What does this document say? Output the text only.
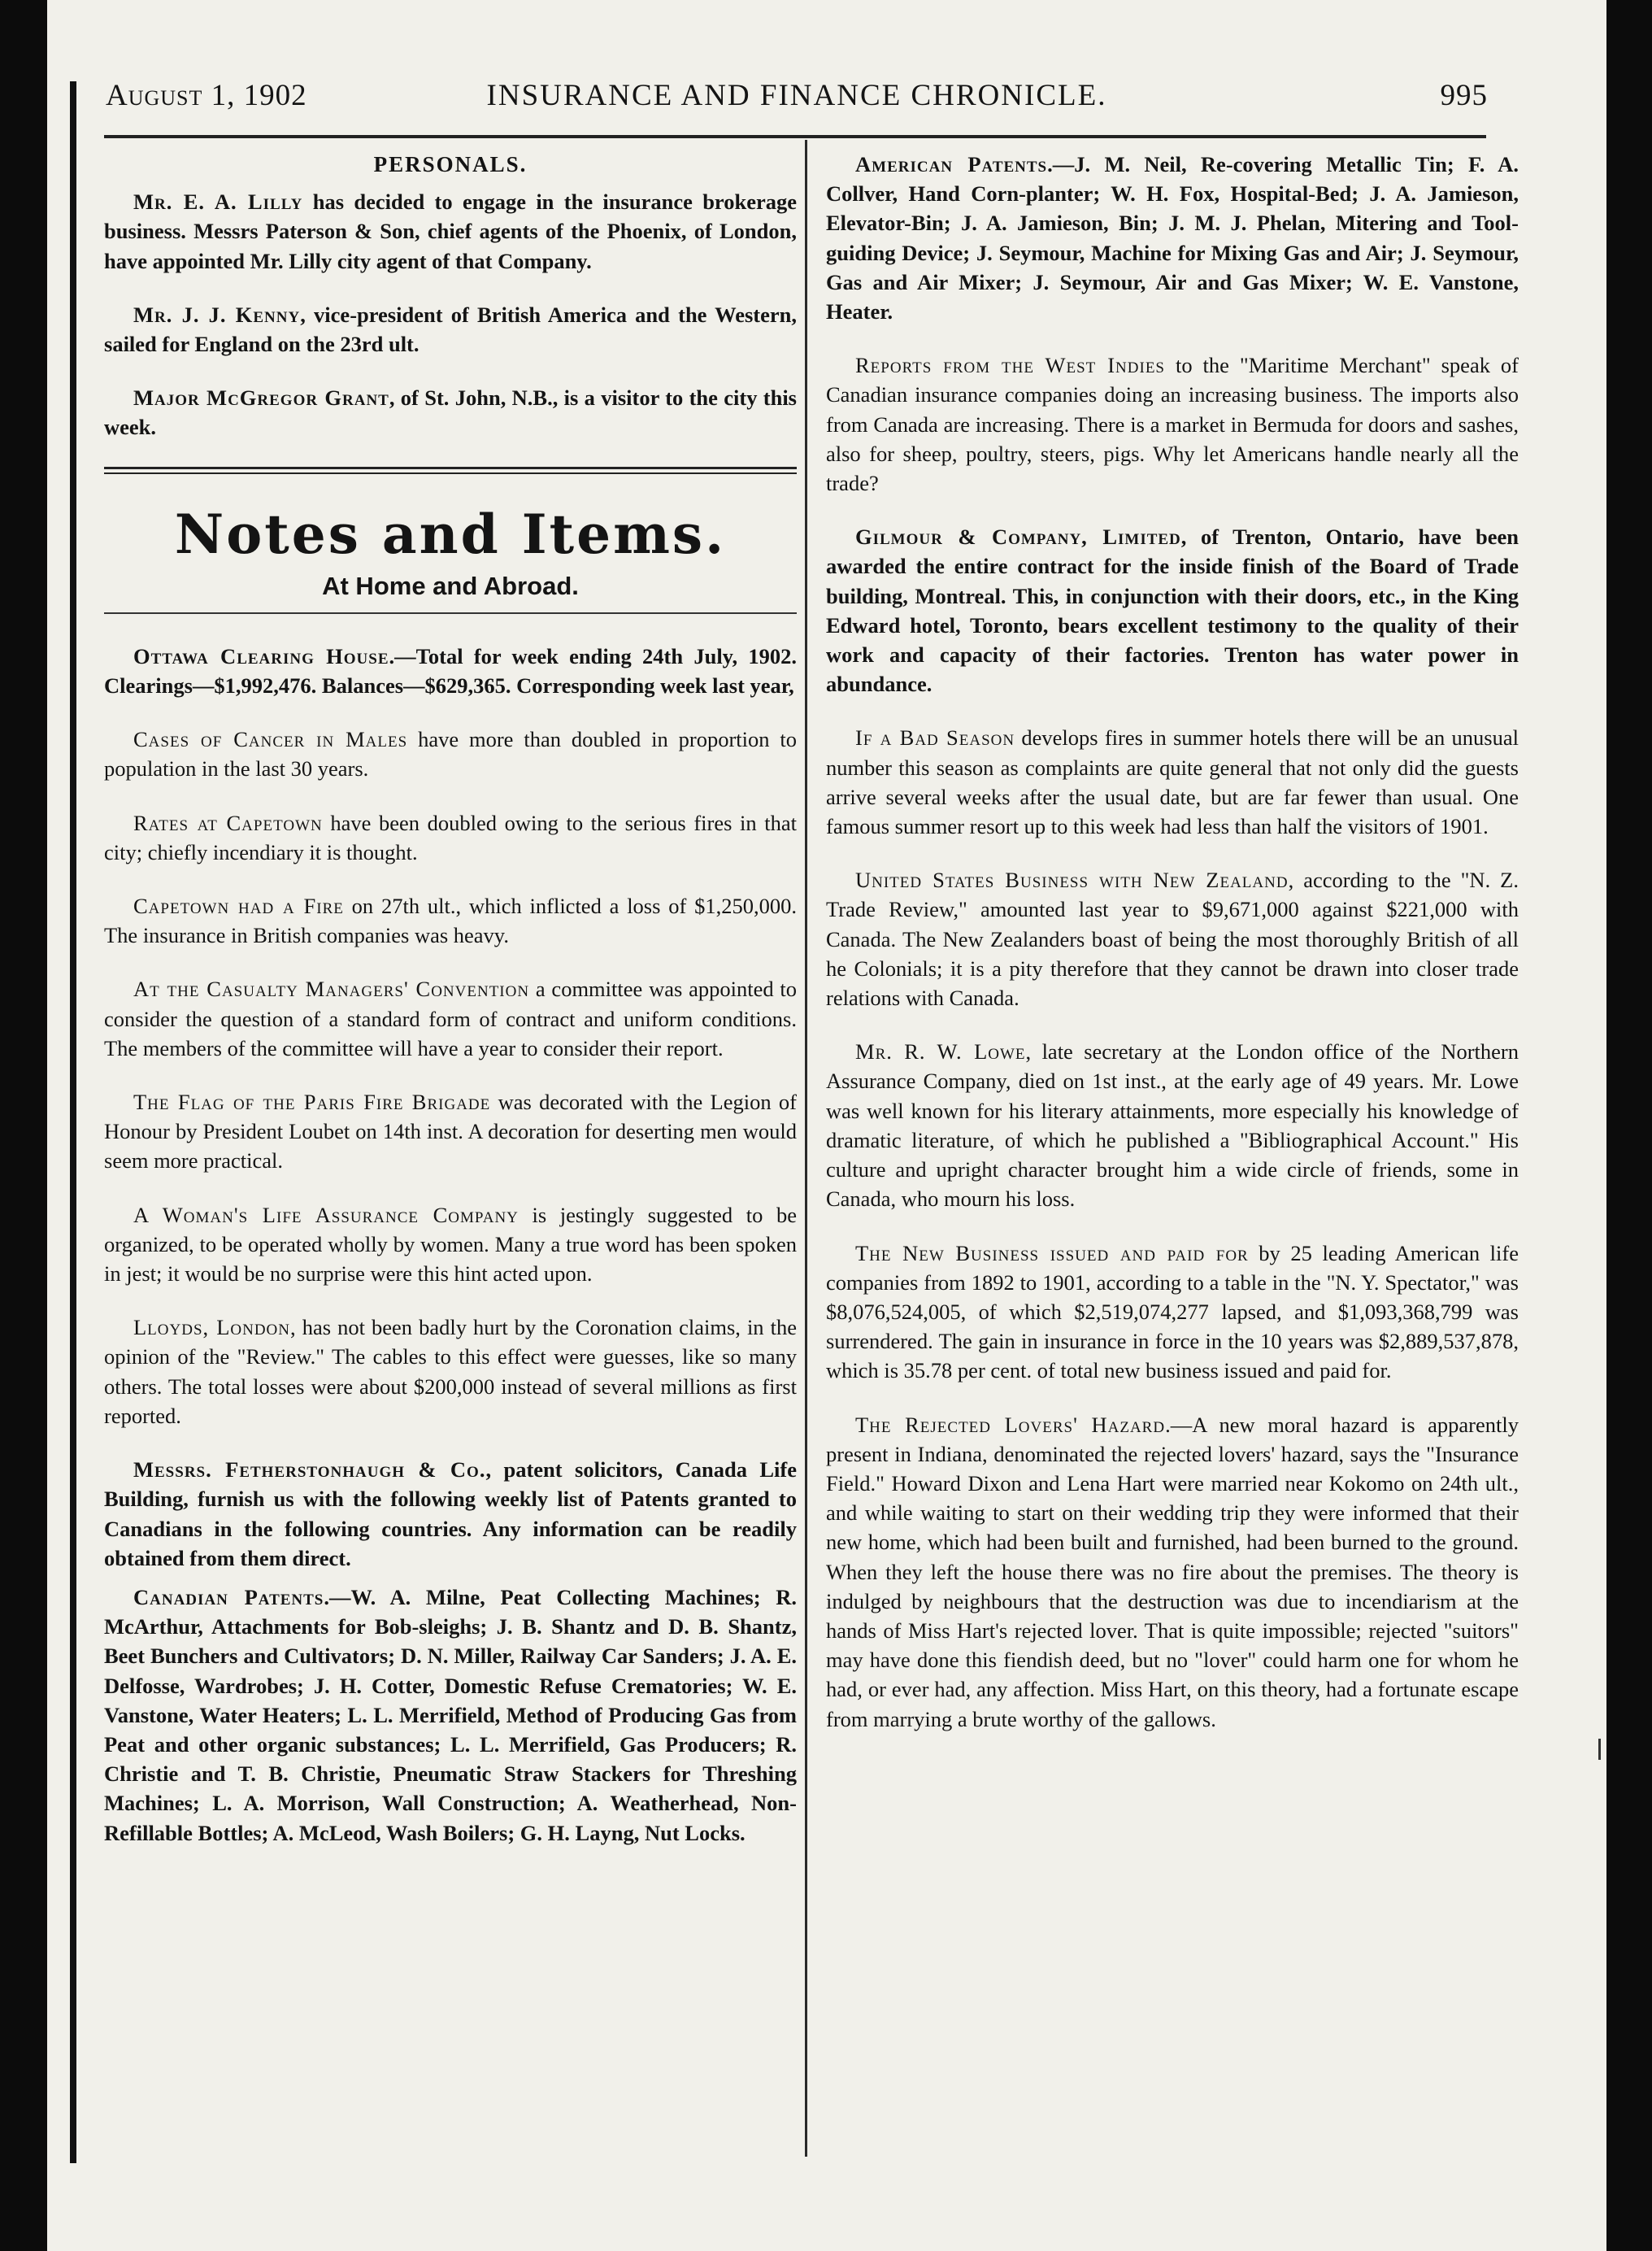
August 1, 1902	INSURANCE AND FINANCE CHRONICLE.	995
PERSONALS.

Mr. E. A. Lilly has decided to engage in the insurance brokerage business. Messrs Paterson & Son, chief agents of the Phoenix, of London, have appointed Mr. Lilly city agent of that Company.

Mr. J. J. Kenny, vice-president of British America and the Western, sailed for England on the 23rd ult.

Major McGregor Grant, of St. John, N.B., is a visitor to the city this week.

Notes and Items.
At Home and Abroad.

Ottawa Clearing House.—Total for week ending 24th July, 1902. Clearings—$1,992,476. Balances—$629,365. Corresponding week last year,

Cases of Cancer in Males have more than doubled in proportion to population in the last 30 years.

Rates at Capetown have been doubled owing to the serious fires in that city; chiefly incendiary it is thought.

Capetown had a Fire on 27th ult., which inflicted a loss of $1,250,000. The insurance in British companies was heavy.

At the Casualty Managers' Convention a committee was appointed to consider the question of a standard form of contract and uniform conditions. The members of the committee will have a year to consider their report.

The Flag of the Paris Fire Brigade was decorated with the Legion of Honour by President Loubet on 14th inst. A decoration for deserting men would seem more practical.

A Woman's Life Assurance Company is jestingly suggested to be organized, to be operated wholly by women. Many a true word has been spoken in jest; it would be no surprise were this hint acted upon.

Lloyds, London, has not been badly hurt by the Coronation claims, in the opinion of the "Review." The cables to this effect were guesses, like so many others. The total losses were about $200,000 instead of several millions as first reported.

Messrs. Fetherstonhaugh & Co., patent solicitors, Canada Life Building, furnish us with the following weekly list of Patents granted to Canadians in the following countries. Any information can be readily obtained from them direct.

Canadian Patents.—W. A. Milne, Peat Collecting Machines; R. McArthur, Attachments for Bob-sleighs; J. B. Shantz and D. B. Shantz, Beet Bunchers and Cultivators; D. N. Miller, Railway Car Sanders; J. A. E. Delfosse, Wardrobes; J. H. Cotter, Domestic Refuse Crematories; W. E. Vanstone, Water Heaters; L. L. Merrifield, Method of Producing Gas from Peat and other organic substances; L. L. Merrifield, Gas Producers; R. Christie and T. B. Christie, Pneumatic Straw Stackers for Threshing Machines; L. A. Morrison, Wall Construction; A. Weatherhead, Non-Refillable Bottles; A. McLeod, Wash Boilers; G. H. Layng, Nut Locks.

American Patents.—J. M. Neil, Re-covering Metallic Tin; F. A. Collver, Hand Corn-planter; W. H. Fox, Hospital-Bed; J. A. Jamieson, Elevator-Bin; J. A. Jamieson, Bin; J. M. J. Phelan, Mitering and Tool-guiding Device; J. Seymour, Machine for Mixing Gas and Air; J. Seymour, Gas and Air Mixer; J. Seymour, Air and Gas Mixer; W. E. Vanstone, Heater.

Reports from the West Indies to the "Maritime Merchant" speak of Canadian insurance companies doing an increasing business. The imports also from Canada are increasing. There is a market in Bermuda for doors and sashes, also for sheep, poultry, steers, pigs. Why let Americans handle nearly all the trade?

Gilmour & Company, Limited, of Trenton, Ontario, have been awarded the entire contract for the inside finish of the Board of Trade building, Montreal. This, in conjunction with their doors, etc., in the King Edward hotel, Toronto, bears excellent testimony to the quality of their work and capacity of their factories. Trenton has water power in abundance.

If a Bad Season develops fires in summer hotels there will be an unusual number this season as complaints are quite general that not only did the guests arrive several weeks after the usual date, but are far fewer than usual. One famous summer resort up to this week had less than half the visitors of 1901.

United States Business with New Zealand, according to the "N. Z. Trade Review," amounted last year to $9,671,000 against $221,000 with Canada. The New Zealanders boast of being the most thoroughly British of all he Colonials; it is a pity therefore that they cannot be drawn into closer trade relations with Canada.

Mr. R. W. Lowe, late secretary at the London office of the Northern Assurance Company, died on 1st inst., at the early age of 49 years. Mr. Lowe was well known for his literary attainments, more especially his knowledge of dramatic literature, of which he published a "Bibliographical Account." His culture and upright character brought him a wide circle of friends, some in Canada, who mourn his loss.

The New Business issued and paid for by 25 leading American life companies from 1892 to 1901, according to a table in the "N. Y. Spectator," was $8,076,524,005, of which $2,519,074,277 lapsed, and $1,093,368,799 was surrendered. The gain in insurance in force in the 10 years was $2,889,537,878, which is 35.78 per cent. of total new business issued and paid for.

The Rejected Lovers' Hazard.—A new moral hazard is apparently present in Indiana, denominated the rejected lovers' hazard, says the "Insurance Field." Howard Dixon and Lena Hart were married near Kokomo on 24th ult., and while waiting to start on their wedding trip they were informed that their new home, which had been built and furnished, had been burned to the ground. When they left the house there was no fire about the premises. The theory is indulged by neighbours that the destruction was due to incendiarism at the hands of Miss Hart's rejected lover. That is quite impossible; rejected "suitors" may have done this fiendish deed, but no "lover" could harm one for whom he had, or ever had, any affection. Miss Hart, on this theory, had a fortunate escape from marrying a brute worthy of the gallows.
